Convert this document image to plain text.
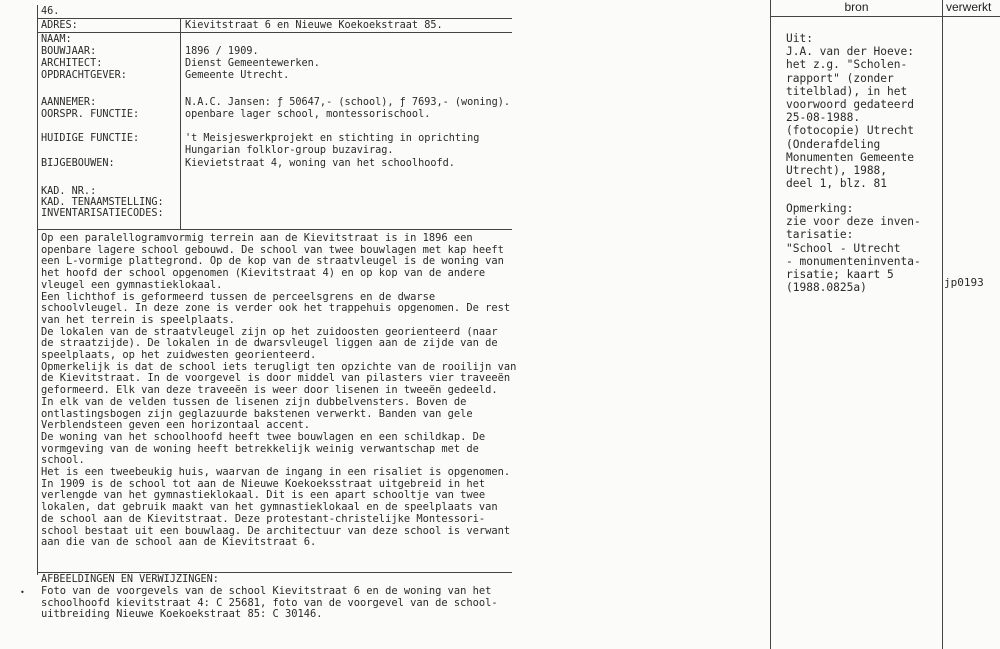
46.
ADRES:
NAAM:
BOUWJAAR:
ARCHITECT:
OPDRACHTGEVER:
AANNEMER:
OORSPR. FUNCTIE:
HUIDIGE FUNCTIE:
BIJGEBOUWEN:
KAD. NR.:
KAD. TENAAMSTELLING:
INVENTARISATIECODES:
Kievitstraat 6 en Nieuwe Koekoekstraat 85.
1896 / 1909.
Dienst Gemeentewerken.
Gemeente Utrecht.
N.A.C. Jansen: ƒ 50647,- (school), ƒ 7693,- (woning).
openbare lager school, montessorischool.
't Meisjeswerkprojekt en stichting in oprichting
Hungarian folklor-group buzavirag.
Kievietstraat 4, woning van het schoolhoofd.
Op een paralellogramvormig terrein aan de Kievitstraat is in 1896 een
openbare lagere school gebouwd. De school van twee bouwlagen met kap heeft
een L-vormige plattegrond. Op de kop van de straatvleugel is de woning van
het hoofd der school opgenomen (Kievitstraat 4) en op kop van de andere
vleugel een gymnastieklokaal.
Een lichthof is geformeerd tussen de perceelsgrens en de dwarse
schoolvleugel. In deze zone is verder ook het trappehuis opgenomen. De rest
van het terrein is speelplaats.
De lokalen van de straatvleugel zijn op het zuidoosten georienteerd (naar
de straatzijde). De lokalen in de dwarsvleugel liggen aan de zijde van de
speelplaats, op het zuidwesten georienteerd.
Opmerkelijk is dat de school iets terugligt ten opzichte van de rooilijn van
de Kievitstraat. In de voorgevel is door middel van pilasters vier traveeën
geformeerd. Elk van deze traveeën is weer door lisenen in tweeën gedeeld.
In elk van de velden tussen de lisenen zijn dubbelvensters. Boven de
ontlastingsbogen zijn geglazuurde bakstenen verwerkt. Banden van gele
Verblendsteen geven een horizontaal accent.
De woning van het schoolhoofd heeft twee bouwlagen en een schildkap. De
vormgeving van de woning heeft betrekkelijk weinig verwantschap met de
school.
Het is een tweebeukig huis, waarvan de ingang in een risaliet is opgenomen.
In 1909 is de school tot aan de Nieuwe Koekoeksstraat uitgebreid in het
verlengde van het gymnastieklokaal. Dit is een apart schooltje van twee
lokalen, dat gebruik maakt van het gymnastieklokaal en de speelplaats van
de school aan de Kievitstraat. Deze protestant-christelijke Montessori-
school bestaat uit een bouwlaag. De architectuur van deze school is verwant
aan die van de school aan de Kievitstraat 6.
AFBEELDINGEN EN VERWIJZINGEN:
• Foto van de voorgevels van de school Kievitstraat 6 en de woning van het
schoolhoofd kievitstraat 4: C 25681, foto van de voorgevel van de school-
uitbreiding Nieuwe Koekoekstraat 85: C 30146.
bron	verwerkt
Uit:
J.A. van der Hoeve:
het z.g. "Scholen-
rapport" (zonder
titelblad), in het
voorwoord gedateerd
25-08-1988.
(fotocopie) Utrecht
(Onderafdeling
Monumenten Gemeente
Utrecht), 1988,
deel 1, blz. 81
Opmerking:
zie voor deze inven-
tarisatie:
"School - Utrecht
- monumenteninventa-
risatie; kaart 5
(1988.0825a)	jp0193
